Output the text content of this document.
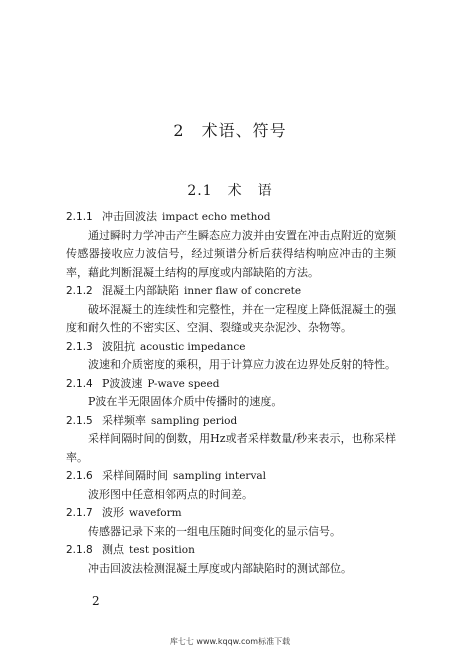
2　术语、符号
2.1　术　语
2.1.1 冲击回波法 impact echo method

通过瞬时力学冲击产生瞬态应力波并由安置在冲击点附近的宽频传感器接收应力波信号，经过频谱分析后获得结构响应冲击的主频率，藉此判断混凝土结构的厚度或内部缺陷的方法。

2.1.2 混凝土内部缺陷 inner flaw of concrete

破坏混凝土的连续性和完整性，并在一定程度上降低混凝土的强度和耐久性的不密实区、空洞、裂缝或夹杂泥沙、杂物等。

2.1.3 波阻抗 acoustic impedance

波速和介质密度的乘积，用于计算应力波在边界处反射的特性。

2.1.4 P波波速 P-wave speed

P波在半无限固体介质中传播时的速度。

2.1.5 采样频率 sampling period

采样间隔时间的倒数，用Hz或者采样数量/秒来表示，也称采样率。

2.1.6 采样间隔时间 sampling interval

波形图中任意相邻两点的时间差。

2.1.7 波形 waveform

传感器记录下来的一组电压随时间变化的显示信号。

2.1.8 测点 test position

冲击回波法检测混凝土厚度或内部缺陷时的测试部位。

2
库七七 www.kqqw.com标准下载
